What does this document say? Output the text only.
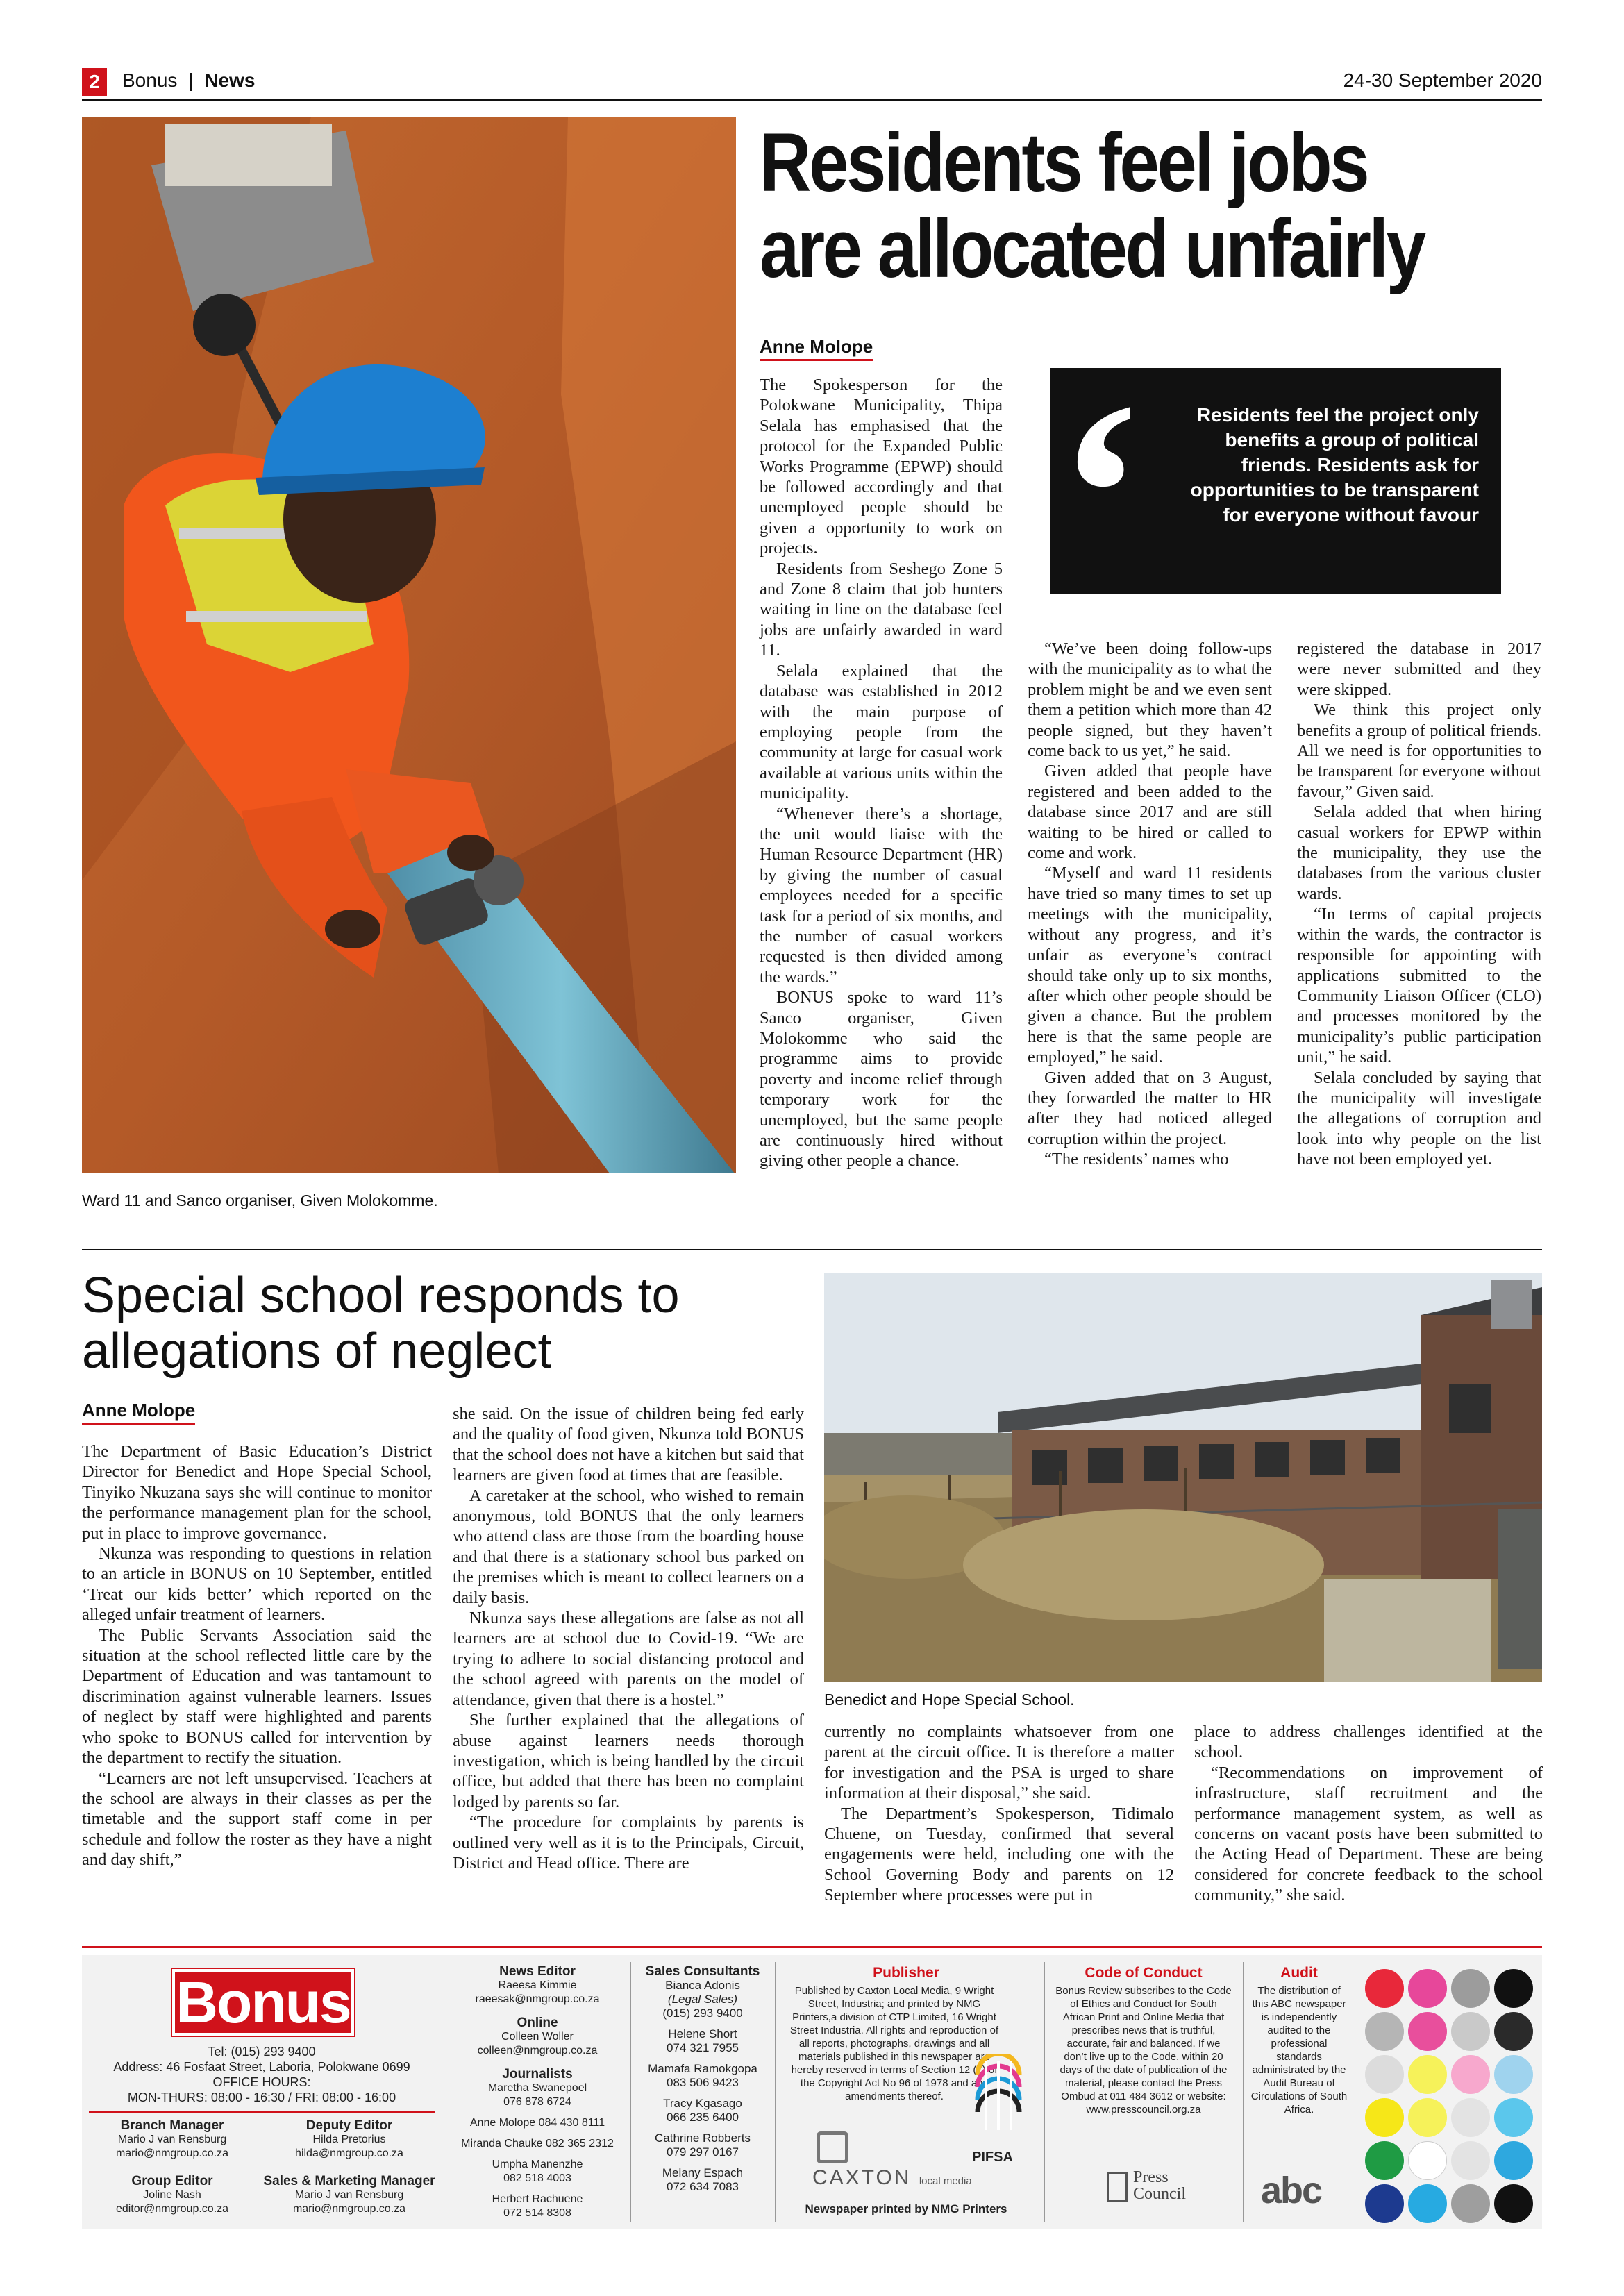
2	Bonus | News	24-30 September 2020
Ward 11 and Sanco organiser, Given Molokomme.
Residents feel jobs are allocated unfairly
Anne Molope

The Spokesperson for the Polokwane Municipality, Thipa Selala has emphasised that the protocol for the Expanded Public Works Programme (EPWP) should be followed accordingly and that unemployed people should be given a opportunity to work on projects.

Residents from Seshego Zone 5 and Zone 8 claim that job hunters waiting in line on the database feel jobs are unfairly awarded in ward 11.

Selala explained that the database was established in 2012 with the main purpose of employing people from the community at large for casual work available at various units within the municipality.

“Whenever there’s a shortage, the unit would liaise with the Human Resource Department (HR) by giving the number of casual employees needed for a specific task for a period of six months, and the number of casual workers requested is then divided among the wards.”

BONUS spoke to ward 11’s Sanco organiser, Given Molokomme who said the programme aims to provide poverty and income relief through temporary work for the unemployed, but the same people are continuously hired without giving other people a chance.

‘	Residents feel the project only benefits a group of political friends. Residents ask for opportunities to be transparent for everyone without favour

“We’ve been doing follow-ups with the municipality as to what the problem might be and we even sent them a petition which more than 42 people signed, but they haven’t come back to us yet,” he said.

Given added that people have registered and been added to the database since 2017 and are still waiting to be hired or called to come and work.

“Myself and ward 11 residents have tried so many times to set up meetings with the municipality, without any progress, and it’s unfair as everyone’s contract should take only up to six months, after which other people should be given a chance. But the problem here is that the same people are employed,” he said.

Given added that on 3 August, they forwarded the matter to HR after they had noticed alleged corruption within the project.

“The residents’ names who

registered the database in 2017 were never submitted and they were skipped.

We think this project only benefits a group of political friends. All we need is for opportunities to be transparent for everyone without favour,” Given said.

Selala added that when hiring casual workers for EPWP within the municipality, they use the databases from the various cluster wards.

“In terms of capital projects within the wards, the contractor is responsible for appointing with applications submitted to the Community Liaison Officer (CLO) and processes monitored by the municipality’s public participation unit,” he said.

Selala concluded by saying that the municipality will investigate the allegations of corruption and look into why people on the list have not been employed yet.

Special school responds to allegations of neglect
Anne Molope
Benedict and Hope Special School.

The Department of Basic Education’s District Director for Benedict and Hope Special School, Tinyiko Nkuzana says she will continue to monitor the performance management plan for the school, put in place to improve governance.

Nkunza was responding to questions in relation to an article in BONUS on 10 September, entitled ‘Treat our kids better’ which reported on the alleged unfair treatment of learners.

The Public Servants Association said the situation at the school reflected little care by the Department of Education and was tantamount to discrimination against vulnerable learners. Issues of neglect by staff were highlighted and parents who spoke to BONUS called for intervention by the department to rectify the situation.

“Learners are not left unsupervised. Teachers at the school are always in their classes as per the timetable and the support staff come in per schedule and follow the roster as they have a night and day shift,”

she said. On the issue of children being fed early and the quality of food given, Nkunza told BONUS that the school does not have a kitchen but said that learners are given food at times that are feasible.

A caretaker at the school, who wished to remain anonymous, told BONUS that the only learners who attend class are those from the boarding house and that there is a stationary school bus parked on the premises which is meant to collect learners on a daily basis.

Nkunza says these allegations are false as not all learners are at school due to Covid-19. “We are trying to adhere to social distancing protocol and the school agreed with parents on the model of attendance, given that there is a hostel.”

She further explained that the allegations of abuse against learners needs thorough investigation, which is being handled by the circuit office, but added that there has been no complaint lodged by parents so far.

“The procedure for complaints by parents is outlined very well as it is to the Principals, Circuit, District and Head office. There are

currently no complaints whatsoever from one parent at the circuit office. It is therefore a matter for investigation and the PSA is urged to share information at their disposal,” she said.

The Department’s Spokesperson, Tidimalo Chuene, on Tuesday, confirmed that several engagements were held, including one with the School Governing Body and parents on 12 September where processes were put in

place to address challenges identified at the school.

“Recommendations on improvement of infrastructure, staff recruitment and the performance management system, as well as concerns on vacant posts have been submitted to the Acting Head of Department. These are being considered for concrete feedback to the school community,” she said.

Bonus
Tel: (015) 293 9400
Address: 46 Fosfaat Street, Laboria, Polokwane 0699
OFFICE HOURS:
MON-THURS: 08:00 - 16:30 / FRI: 08:00 - 16:00
Branch Manager
Mario J van Rensburg
mario@nmgroup.co.za
Deputy Editor
Hilda Pretorius
hilda@nmgroup.co.za
Group Editor
Joline Nash
editor@nmgroup.co.za
Sales & Marketing Manager
Mario J van Rensburg
mario@nmgroup.co.za
News Editor
Raeesa Kimmie
raeesak@nmgroup.co.za
Online
Colleen Woller
colleen@nmgroup.co.za
Journalists
Maretha Swanepoel
076 878 6724
Anne Molope 084 430 8111
Miranda Chauke 082 365 2312
Umpha Manenzhe
082 518 4003
Herbert Rachuene
072 514 8308
Sales Consultants
Bianca Adonis
(Legal Sales)
(015) 293 9400
Helene Short
074 321 7955
Mamafa Ramokgopa
083 506 9423
Tracy Kgasago
066 235 6400
Cathrine Robberts
079 297 0167
Melany Espach
072 634 7083
Publisher
Published by Caxton Local Media, 9 Wright Street, Industria; and printed by NMG Printers,a division of CTP Limited, 16 Wright Street Industria. All rights and reproduction of all reports, photographs, drawings and all materials published in this newspaper are hereby reserved in terms of Section 12 (7) of the Copyright Act No 96 of 1978 and any amendments thereof.
PIFSA
CAXTON local media
Newspaper printed by NMG Printers
Code of Conduct
Bonus Review subscribes to the Code of Ethics and Conduct for South African Print and Online Media that prescribes news that is truthful, accurate, fair and balanced. If we don’t live up to the Code, within 20 days of the date of publication of the material, please contact the Press Ombud at 011 484 3612 or website: www.presscouncil.org.za
Press
Council
Audit
The distribution of this ABC newspaper is independently audited to the professional standards administrated by the Audit Bureau of Circulations of South Africa.
abc
